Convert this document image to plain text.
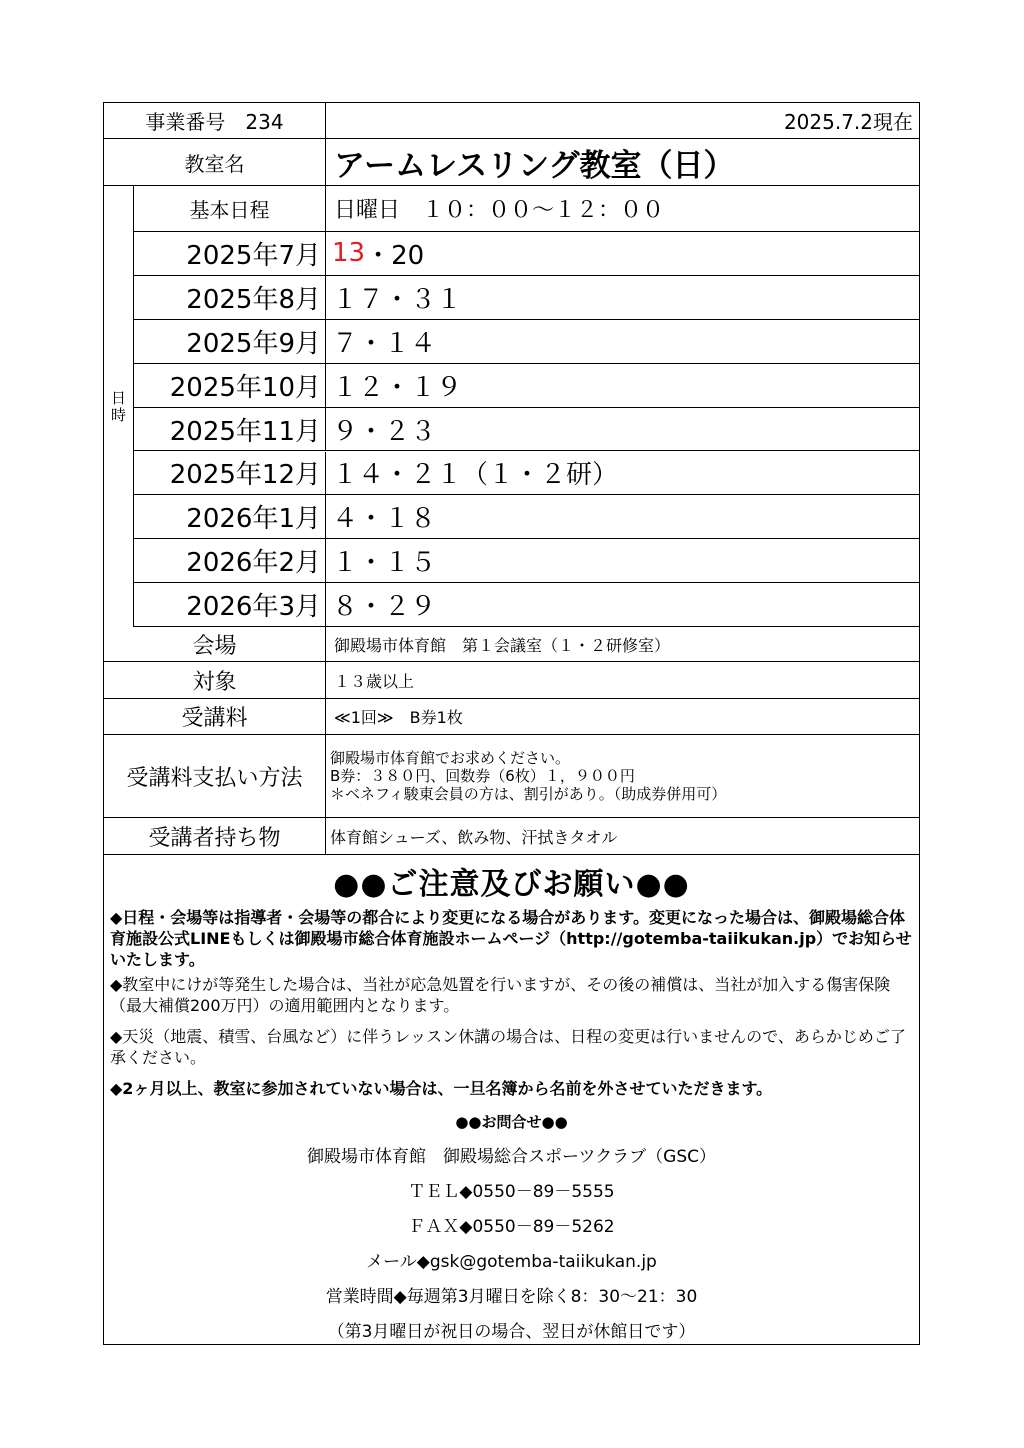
事業番号　234	2025.7.2現在
教室名	アームレスリング教室（日）
日時
基本日程	日曜日　１０：００～１２：００
2025年7月 13 ・20
2025年8月 １７・３１
2025年9月 ７・１４
2025年10月 １２・１９
2025年11月 ９・２３
2025年12月 １４・２１（１・２研）
2026年1月 ４・１８
2026年2月 １・１５
2026年3月 ８・２９
会場	御殿場市体育館　第１会議室（１・２研修室）
対象	１３歳以上
受講料	≪1回≫　B券1枚
受講料支払い方法
御殿場市体育館でお求めください。
B券：３８０円、回数券（6枚）１，９００円
＊ベネフィ駿東会員の方は、割引があり。（助成券併用可）
受講者持ち物	体育館シューズ、飲み物、汗拭きタオル
●●ご注意及びお願い●●
◆日程・会場等は指導者・会場等の都合により変更になる場合があります。変更になった場合は、御殿場総合体育施設公式LINEもしくは御殿場市総合体育施設ホームページ（http://gotemba-taiikukan.jp）でお知らせいたします。
◆教室中にけが等発生した場合は、当社が応急処置を行いますが、その後の補償は、当社が加入する傷害保険（最大補償200万円）の適用範囲内となります。
◆天災（地震、積雪、台風など）に伴うレッスン休講の場合は、日程の変更は行いませんので、あらかじめご了承ください。
◆2ヶ月以上、教室に参加されていない場合は、一旦名簿から名前を外させていただきます。
●●お問合せ●●
御殿場市体育館　御殿場総合スポーツクラブ（GSC）
ＴＥＬ◆0550－89－5555
ＦＡＸ◆0550－89－5262
メール◆gsk@gotemba-taiikukan.jp
営業時間◆毎週第3月曜日を除く8：30～21：30
（第3月曜日が祝日の場合、翌日が休館日です）
